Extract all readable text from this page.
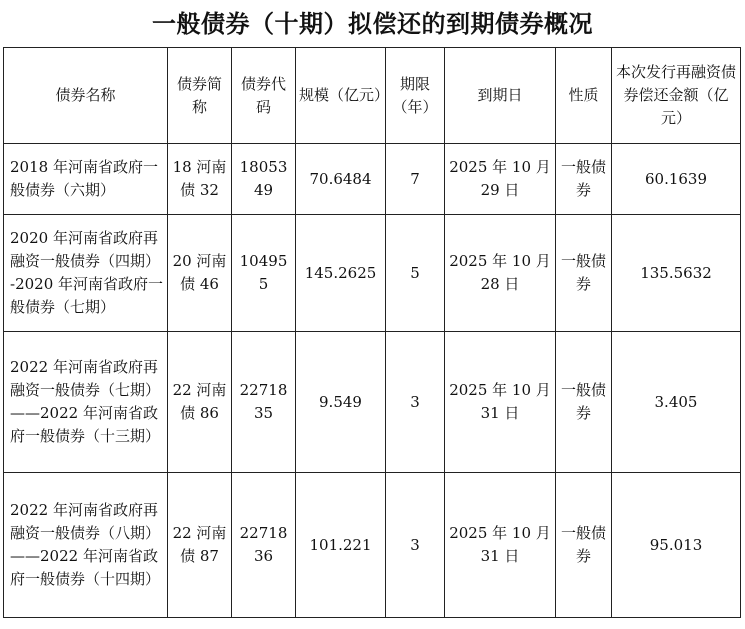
一般债券（十期）拟偿还的到期债券概况
债券名称	债券简称	债券代码	规模（亿元）	期限（年）	到期日	性质	本次发行再融资债券偿还金额（亿元）
2018 年河南省政府一般债券（六期）	18 河南债 32	1805349	70.6484	7	2025 年 10 月 29 日	一般债券	60.1639
2020 年河南省政府再融资一般债券（四期）-2020 年河南省政府一般债券（七期）	20 河南债 46	104955	145.2625	5	2025 年 10 月 28 日	一般债券	135.5632
2022 年河南省政府再融资一般债券（七期）——2022 年河南省政府一般债券（十三期）	22 河南债 86	2271835	9.549	3	2025 年 10 月 31 日	一般债券	3.405
2022 年河南省政府再融资一般债券（八期）——2022 年河南省政府一般债券（十四期）	22 河南债 87	2271836	101.221	3	2025 年 10 月 31 日	一般债券	95.013
